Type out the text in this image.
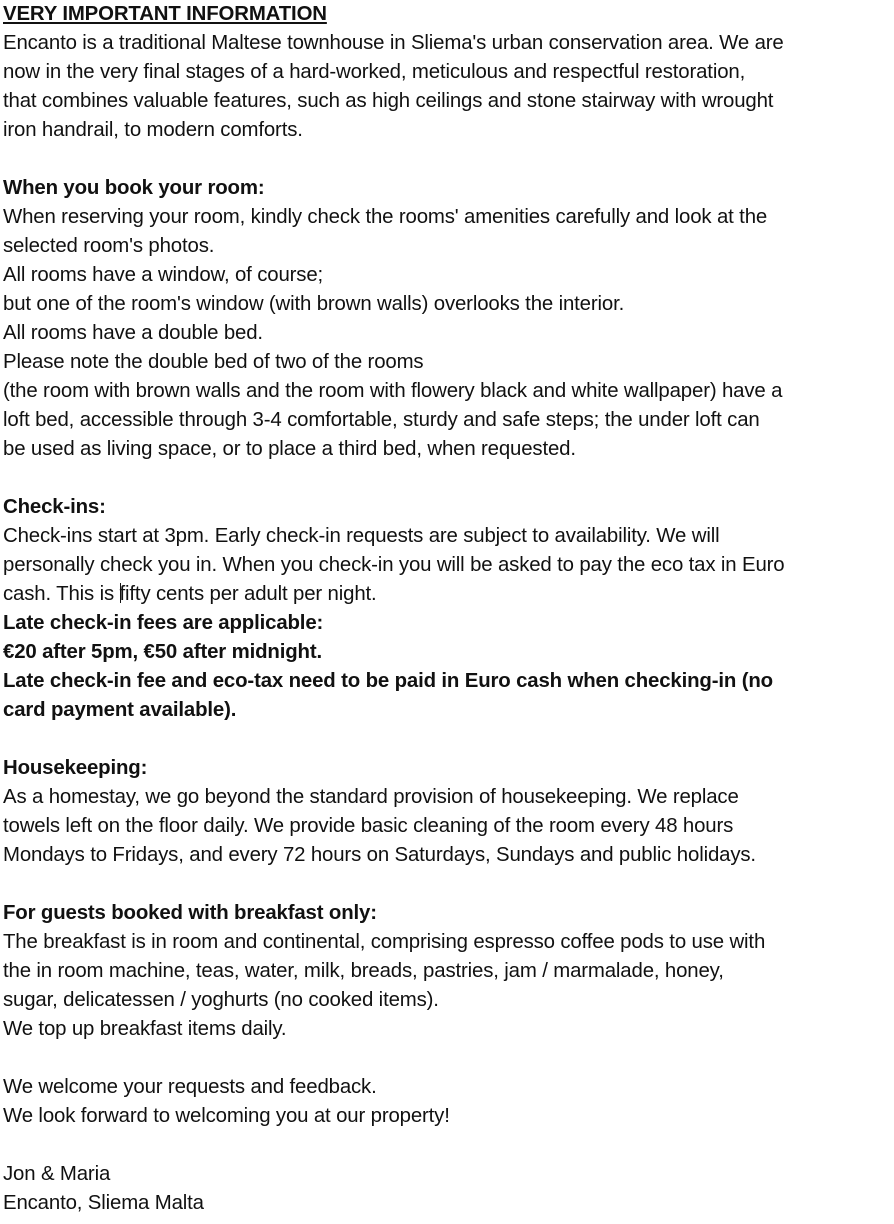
VERY IMPORTANT INFORMATION
Encanto is a traditional Maltese townhouse in Sliema's urban conservation area. We are
now in the very final stages of a hard-worked, meticulous and respectful restoration,
that combines valuable features, such as high ceilings and stone stairway with wrought
iron handrail, to modern comforts.
When you book your room:
When reserving your room, kindly check the rooms' amenities carefully and look at the
selected room's photos.
All rooms have a window, of course;
but one of the room's window (with brown walls) overlooks the interior.
All rooms have a double bed.
Please note the double bed of two of the rooms
(the room with brown walls and the room with flowery black and white wallpaper) have a
loft bed, accessible through 3-4 comfortable, sturdy and safe steps; the under loft can
be used as living space, or to place a third bed, when requested.
Check-ins:
Check-ins start at 3pm. Early check-in requests are subject to availability. We will
personally check you in. When you check-in you will be asked to pay the eco tax in Euro
cash. This is fifty cents per adult per night.
Late check-in fees are applicable:
€20 after 5pm, €50 after midnight.
Late check-in fee and eco-tax need to be paid in Euro cash when checking-in (no
card payment available).
Housekeeping:
As a homestay, we go beyond the standard provision of housekeeping. We replace
towels left on the floor daily. We provide basic cleaning of the room every 48 hours
Mondays to Fridays, and every 72 hours on Saturdays, Sundays and public holidays.
For guests booked with breakfast only:
The breakfast is in room and continental, comprising espresso coffee pods to use with
the in room machine, teas, water, milk, breads, pastries, jam / marmalade, honey,
sugar, delicatessen / yoghurts (no cooked items).
We top up breakfast items daily.
We welcome your requests and feedback.
We look forward to welcoming you at our property!
Jon & Maria
Encanto, Sliema Malta
